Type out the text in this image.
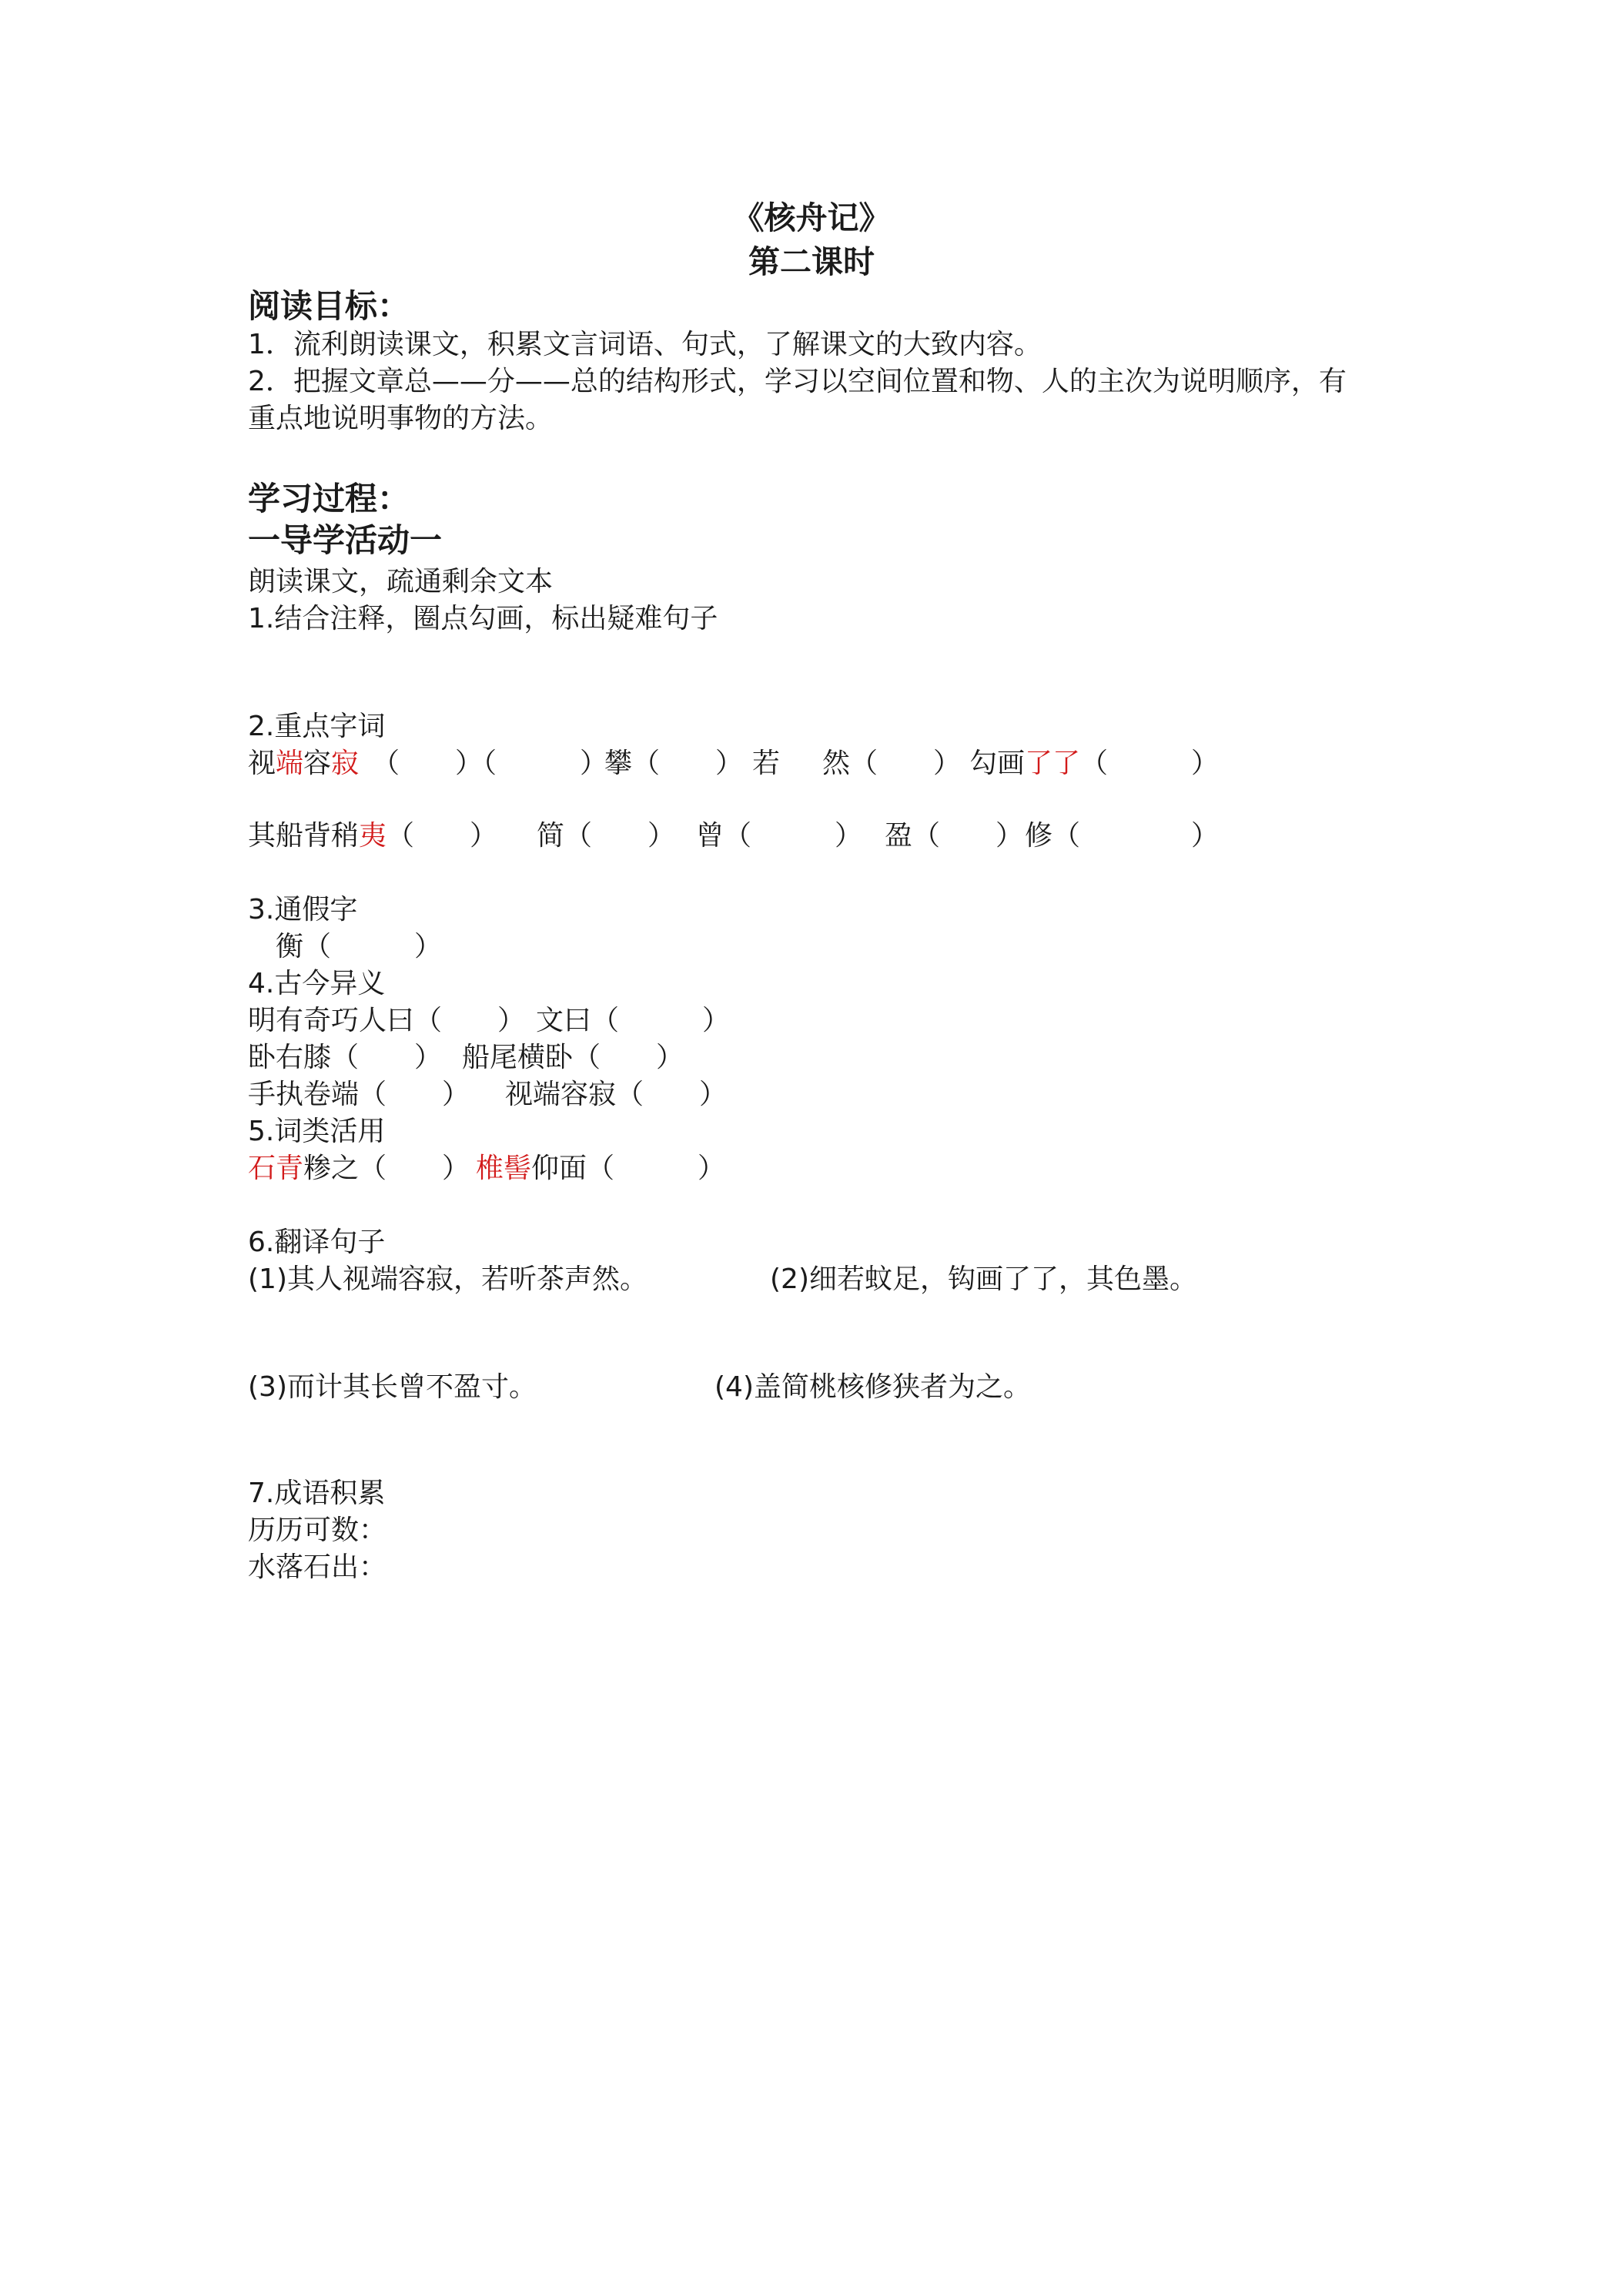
《核舟记》
第二课时
阅读目标：
1．流利朗读课文，积累文言词语、句式，了解课文的大致内容。
2．把握文章总——分——总的结构形式，学习以空间位置和物、人的主次为说明顺序，有
重点地说明事物的方法。
学习过程：
一导学活动一
朗读课文，疏通剩余文本
1.结合注释，圈点勾画，标出疑难句子
2.重点字词
视端容寂 （　　）（　　　）
攀（　　） 若 然（　　） 勾画了了（　　　）
其船背稍夷（　　） 简（　　） 曾（　　　） 盈（　　） 修（　　　　）
3.通假字
衡（　　　）
4.古今异义
明有奇巧人曰（　　） 文曰（　　　）
卧右膝（　　） 船尾横卧（　　）
手执卷端（　　） 视端容寂（　　）
5.词类活用
石青糁之（　　） 椎髻仰面（　　　）
6.翻译句子
(1)其人视端容寂，若听茶声然。	(2)细若蚊足，钩画了了，其色墨。
(3)而计其长曾不盈寸。	(4)盖简桃核修狭者为之。
7.成语积累
历历可数：
水落石出：
